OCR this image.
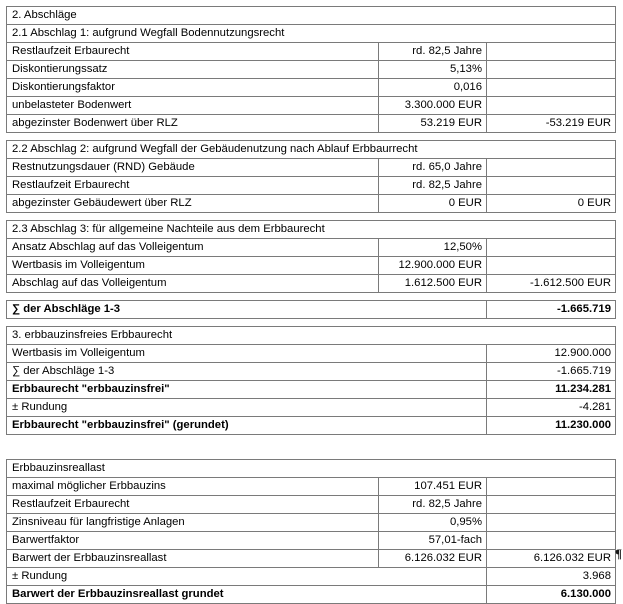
2. Abschläge		
2.1 Abschlag 1: aufgrund Wegfall Bodennutzungsrecht		
Restlaufzeit Erbaurecht	rd. 82,5 Jahre	
Diskontierungssatz	5,13%	
Diskontierungsfaktor	0,016	
unbelasteter Bodenwert	3.300.000 EUR	
abgezinster Bodenwert über RLZ	53.219 EUR	-53.219 EUR
2.2 Abschlag 2: aufgrund Wegfall der Gebäudenutzung nach Ablauf Erbbaurrecht		
Restnutzungsdauer (RND) Gebäude	rd. 65,0 Jahre	
Restlaufzeit Erbaurecht	rd. 82,5 Jahre	
abgezinster Gebäudewert über RLZ	0 EUR	0 EUR
2.3 Abschlag 3: für allgemeine Nachteile aus dem Erbbaurecht		
Ansatz Abschlag auf das Volleigentum	12,50%	
Wertbasis im Volleigentum	12.900.000 EUR	
Abschlag auf das Volleigentum	1.612.500 EUR	-1.612.500 EUR
∑ der Abschläge 1-3	-1.665.719
3. erbbauzinsfreies Erbbaurecht	
Wertbasis im Volleigentum	12.900.000
∑ der Abschläge 1-3	-1.665.719
Erbbaurecht "erbbauzinsfrei"	11.234.281
± Rundung	-4.281
Erbbaurecht "erbbauzinsfrei" (gerundet)	11.230.000
Erbbauzinsreallast		
maximal möglicher Erbbauzins	107.451 EUR	
Restlaufzeit Erbaurecht	rd. 82,5 Jahre	
Zinsniveau für langfristige Anlagen	0,95%	
Barwertfaktor	57,01-fach	
Barwert der Erbbauzinsreallast	6.126.032 EUR	6.126.032 EUR
± Rundung		3.968
Barwert der Erbbauzinsreallast grundet		6.130.000
¶
